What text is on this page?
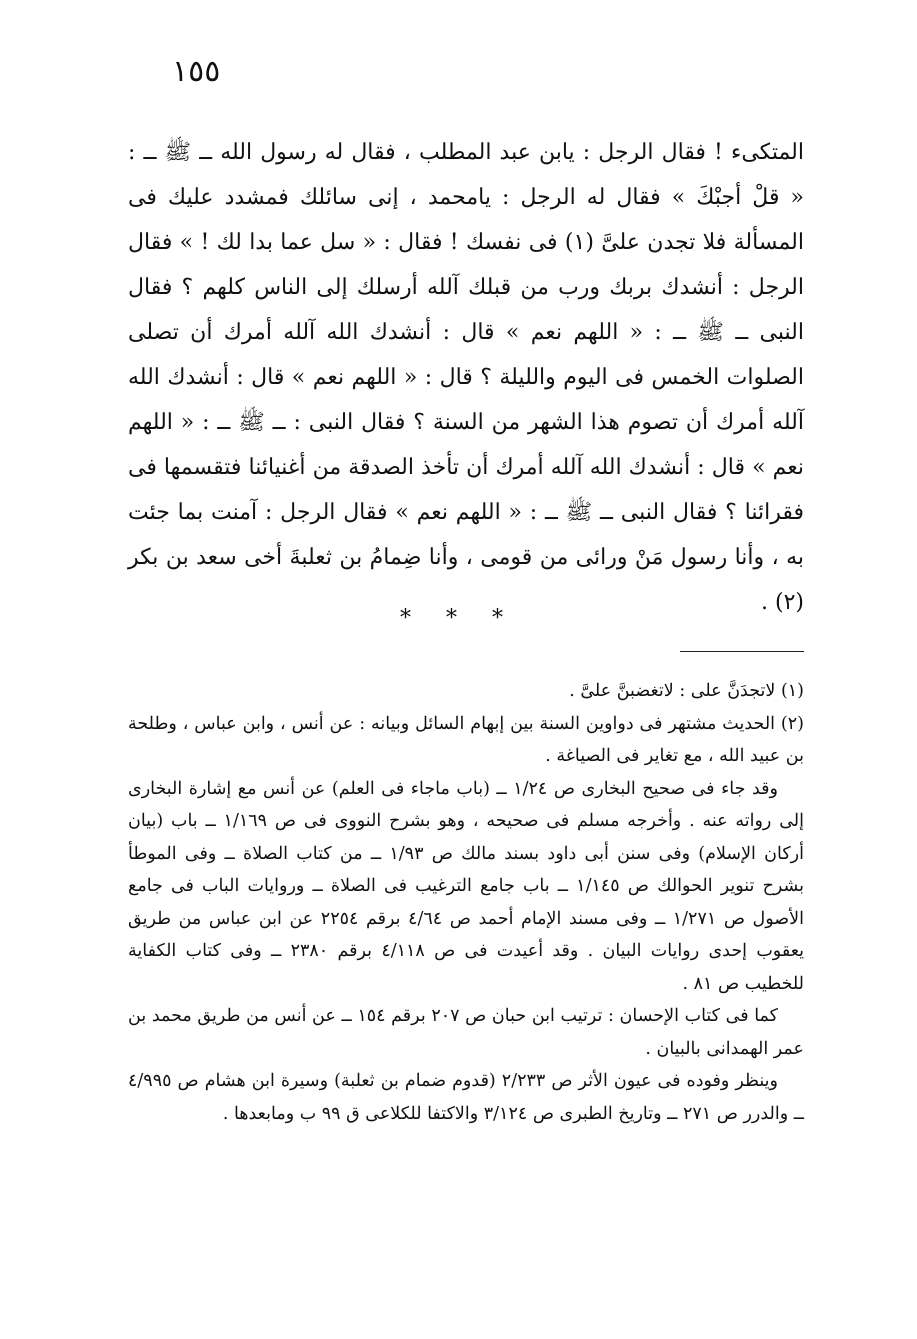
١٥٥

المتكىء ! فقال الرجل : يابن عبد المطلب ، فقال له رسول الله ــ ﷺ ــ : « قلْ أجبْكَ » فقال له الرجل : يامحمد ، إنى سائلك فمشدد عليك فى المسألة فلا تجدن علىَّ (١) فى نفسك ! فقال : « سل عما بدا لك ! » فقال الرجل : أنشدك بربك ورب من قبلك آلله أرسلك إلى الناس كلهم ؟ فقال النبى ــ ﷺ ــ : « اللهم نعم » قال : أنشدك الله آلله أمرك أن تصلى الصلوات الخمس فى اليوم والليلة ؟ قال : « اللهم نعم » قال : أنشدك الله آلله أمرك أن تصوم هذا الشهر من السنة ؟ فقال النبى : ــ ﷺ ــ : « اللهم نعم » قال : أنشدك الله آلله أمرك أن تأخذ الصدقة من أغنيائنا فتقسمها فى فقرائنا ؟ فقال النبى ــ ﷺ ــ : « اللهم نعم » فقال الرجل : آمنت بما جئت به ، وأنا رسول مَنْ ورائى من قومى ، وأنا ضِمامُ بن ثعلبةَ أخى سعد بن بكر (٢) .

* * *

(١) لاتجدَنَّ على : لاتغضبنَّ علىَّ .

(٢) الحديث مشتهر فى دواوين السنة بين إبهام السائل وبيانه : عن أنس ، وابن عباس ، وطلحة بن عبيد الله ، مع تغاير فى الصياغة .

وقد جاء فى صحيح البخارى ص ١/٢٤ ــ (باب ماجاء فى العلم) عن أنس مع إشارة البخارى إلى رواته عنه . وأخرجه مسلم فى صحيحه ، وهو بشرح النووى فى ص ١/١٦٩ ــ باب (بيان أركان الإسلام) وفى سنن أبى داود بسند مالك ص ١/٩٣ ــ من كتاب الصلاة ــ وفى الموطأ بشرح تنوير الحوالك ص ١/١٤٥ ــ باب جامع الترغيب فى الصلاة ــ وروايات الباب فى جامع الأصول ص ١/٢٧١ ــ وفى مسند الإمام أحمد ص ٤/٦٤ برقم ٢٢٥٤ عن ابن عباس من طريق يعقوب إحدى روايات البيان . وقد أعيدت فى ص ٤/١١٨ برقم ٢٣٨٠ ــ وفى كتاب الكفاية للخطيب ص ٨١ .

كما فى كتاب الإحسان : ترتيب ابن حبان ص ٢٠٧ برقم ١٥٤ ــ عن أنس من طريق محمد بن عمر الهمدانى بالبيان .

وينظر وفوده فى عيون الأثر ص ٢/٢٣٣ (قدوم ضمام بن ثعلبة) وسيرة ابن هشام ص ٤/٩٩٥ ــ والدرر ص ٢٧١ ــ وتاريخ الطبرى ص ٣/١٢٤ والاكتفا للكلاعى ق ٩٩ ب ومابعدها .
